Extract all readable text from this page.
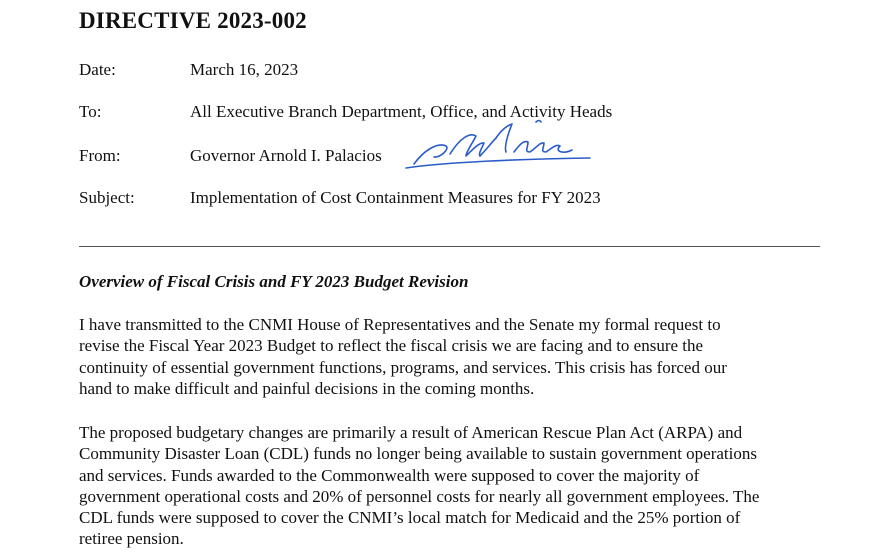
DIRECTIVE 2023-002
Date:	March 16, 2023
To:	All Executive Branch Department, Office, and Activity Heads
From:	Governor Arnold I. Palacios
Subject:	Implementation of Cost Containment Measures for FY 2023
Overview of Fiscal Crisis and FY 2023 Budget Revision

I have transmitted to the CNMI House of Representatives and the Senate my formal request to
revise the Fiscal Year 2023 Budget to reflect the fiscal crisis we are facing and to ensure the
continuity of essential government functions, programs, and services. This crisis has forced our
hand to make difficult and painful decisions in the coming months.

The proposed budgetary changes are primarily a result of American Rescue Plan Act (ARPA) and
Community Disaster Loan (CDL) funds no longer being available to sustain government operations
and services. Funds awarded to the Commonwealth were supposed to cover the majority of
government operational costs and 20% of personnel costs for nearly all government employees. The
CDL funds were supposed to cover the CNMI’s local match for Medicaid and the 25% portion of
retiree pension.
